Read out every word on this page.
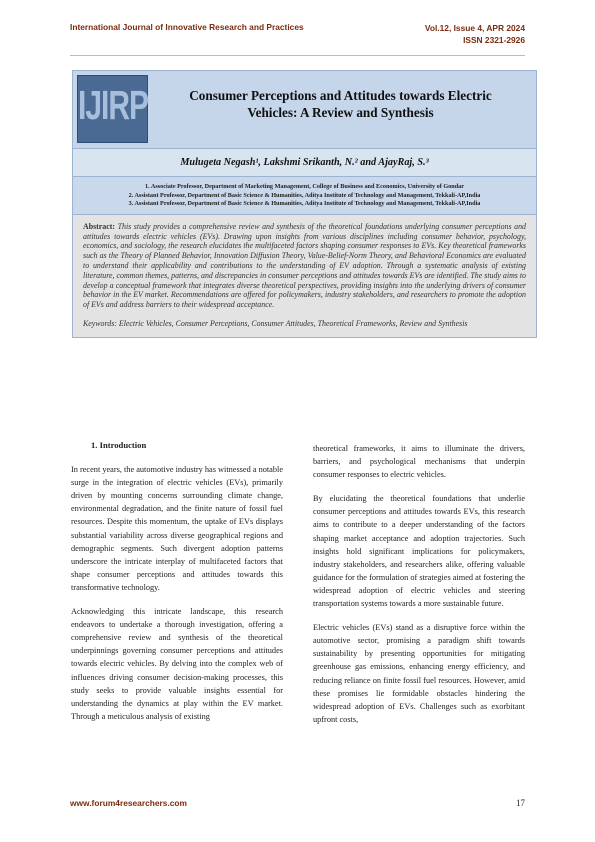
International Journal of Innovative Research and Practices	Vol.12, Issue 4, APR 2024
ISSN 2321-2926
IJIRP	Consumer Perceptions and Attitudes towards Electric Vehicles: A Review and Synthesis
Mulugeta Negash¹, Lakshmi Srikanth, N.² and AjayRaj, S.³
1. Associate Professor, Department of Marketing Management, College of Business and Economics, University of Gondar
2. Assistant Professor, Department of Basic Science & Humanities, Aditya Institute of Technology and Management, Tekkali-AP,India
3. Assistant Professor, Department of Basic Science & Humanities, Aditya Institute of Technology and Management, Tekkali-AP,India
Abstract: This study provides a comprehensive review and synthesis of the theoretical foundations underlying consumer perceptions and attitudes towards electric vehicles (EVs). Drawing upon insights from various disciplines including consumer behavior, psychology, economics, and sociology, the research elucidates the multifaceted factors shaping consumer responses to EVs. Key theoretical frameworks such as the Theory of Planned Behavior, Innovation Diffusion Theory, Value-Belief-Norm Theory, and Behavioral Economics are evaluated to understand their applicability and contributions to the understanding of EV adoption. Through a systematic analysis of existing literature, common themes, patterns, and discrepancies in consumer perceptions and attitudes towards EVs are identified. The study aims to develop a conceptual framework that integrates diverse theoretical perspectives, providing insights into the underlying drivers of consumer behavior in the EV market. Recommendations are offered for policymakers, industry stakeholders, and researchers to promote the adoption of EVs and address barriers to their widespread acceptance.
Keywords: Electric Vehicles, Consumer Perceptions, Consumer Attitudes, Theoretical Frameworks, Review and Synthesis
1. Introduction

In recent years, the automotive industry has witnessed a notable surge in the integration of electric vehicles (EVs), primarily driven by mounting concerns surrounding climate change, environmental degradation, and the finite nature of fossil fuel resources. Despite this momentum, the uptake of EVs displays substantial variability across diverse geographical regions and demographic segments. Such divergent adoption patterns underscore the intricate interplay of multifaceted factors that shape consumer perceptions and attitudes towards this transformative technology.

Acknowledging this intricate landscape, this research endeavors to undertake a thorough investigation, offering a comprehensive review and synthesis of the theoretical underpinnings governing consumer perceptions and attitudes towards electric vehicles. By delving into the complex web of influences driving consumer decision-making processes, this study seeks to provide valuable insights essential for understanding the dynamics at play within the EV market. Through a meticulous analysis of existing

theoretical frameworks, it aims to illuminate the drivers, barriers, and psychological mechanisms that underpin consumer responses to electric vehicles.

By elucidating the theoretical foundations that underlie consumer perceptions and attitudes towards EVs, this research aims to contribute to a deeper understanding of the factors shaping market acceptance and adoption trajectories. Such insights hold significant implications for policymakers, industry stakeholders, and researchers alike, offering valuable guidance for the formulation of strategies aimed at fostering the widespread adoption of electric vehicles and steering transportation systems towards a more sustainable future.

Electric vehicles (EVs) stand as a disruptive force within the automotive sector, promising a paradigm shift towards sustainability by presenting opportunities for mitigating greenhouse gas emissions, enhancing energy efficiency, and reducing reliance on finite fossil fuel resources. However, amid these promises lie formidable obstacles hindering the widespread adoption of EVs. Challenges such as exorbitant upfront costs,

www.forum4researchers.com	17
